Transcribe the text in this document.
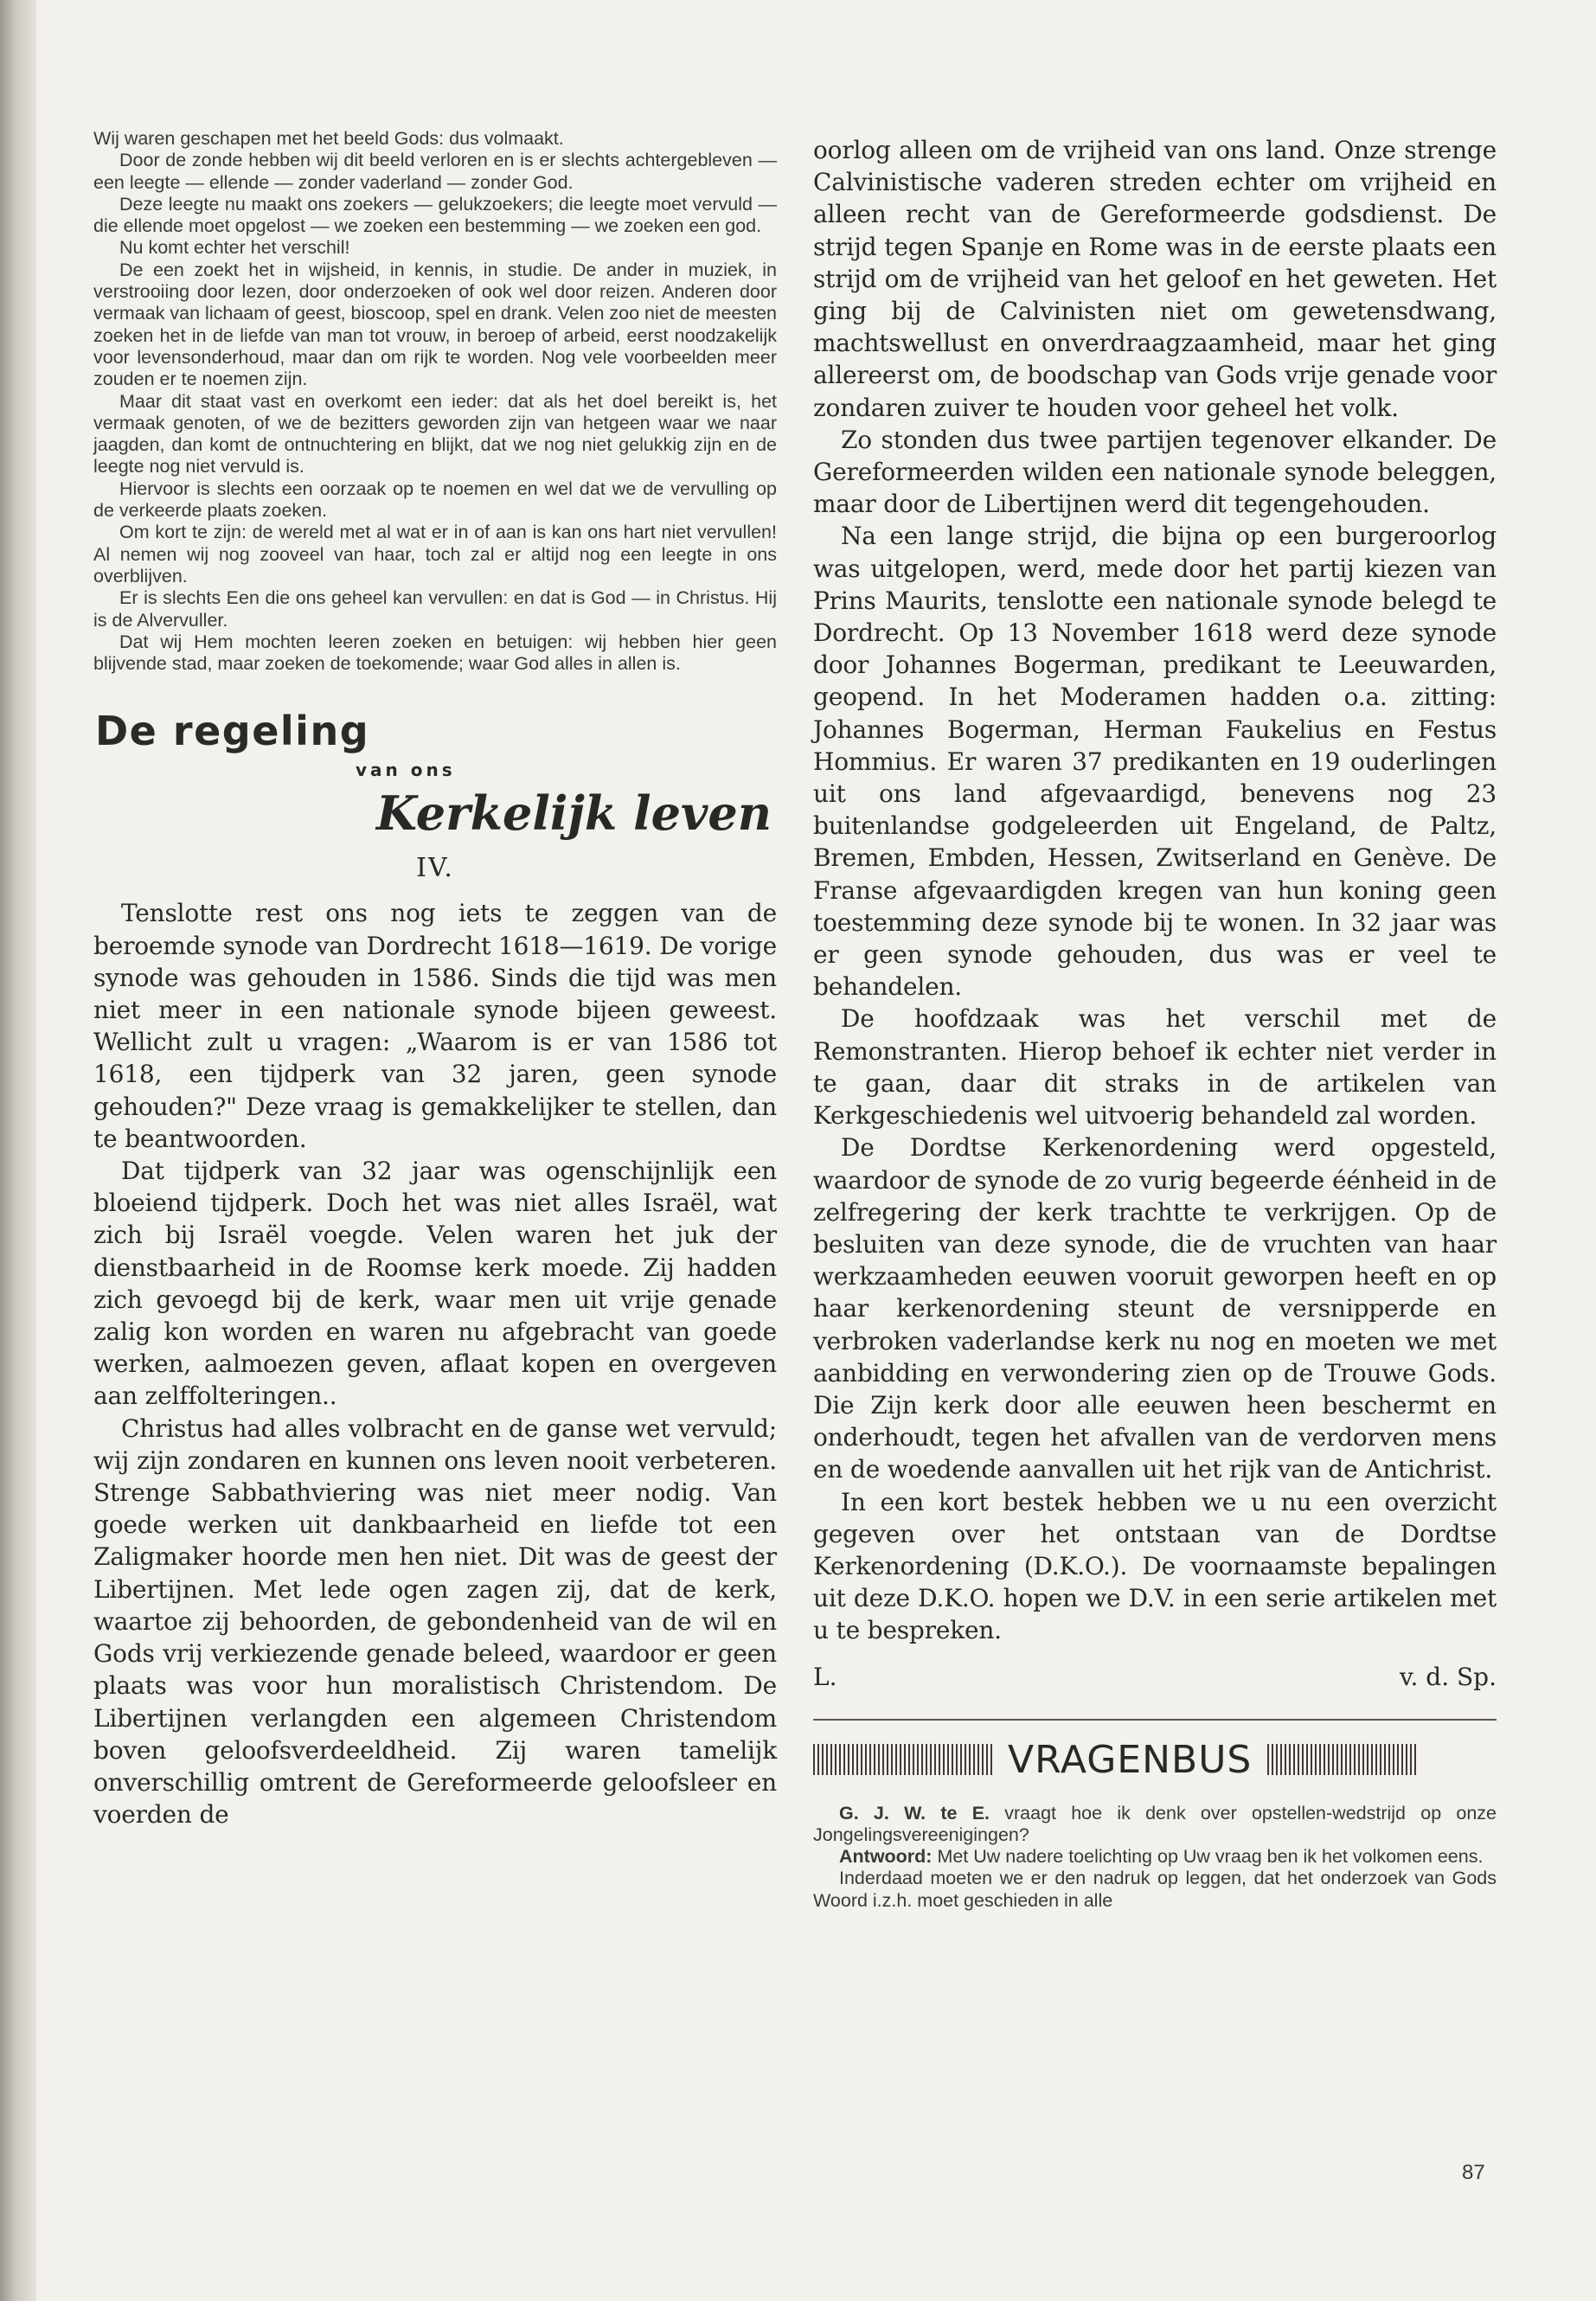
Wij waren geschapen met het beeld Gods: dus volmaakt.

Door de zonde hebben wij dit beeld verloren en is er slechts achtergebleven — een leegte — ellende — zonder vaderland — zonder God.

Deze leegte nu maakt ons zoekers — gelukzoekers; die leegte moet vervuld — die ellende moet opgelost — we zoeken een bestemming — we zoeken een god.

Nu komt echter het verschil!

De een zoekt het in wijsheid, in kennis, in studie. De ander in muziek, in verstrooiing door lezen, door onderzoeken of ook wel door reizen. Anderen door vermaak van lichaam of geest, bioscoop, spel en drank. Velen zoo niet de meesten zoeken het in de liefde van man tot vrouw, in beroep of arbeid, eerst noodzakelijk voor levensonderhoud, maar dan om rijk te worden. Nog vele voorbeelden meer zouden er te noemen zijn.

Maar dit staat vast en overkomt een ieder: dat als het doel bereikt is, het vermaak genoten, of we de bezitters geworden zijn van hetgeen waar we naar jaagden, dan komt de ontnuchtering en blijkt, dat we nog niet gelukkig zijn en de leegte nog niet vervuld is.

Hiervoor is slechts een oorzaak op te noemen en wel dat we de vervulling op de verkeerde plaats zoeken.

Om kort te zijn: de wereld met al wat er in of aan is kan ons hart niet vervullen! Al nemen wij nog zooveel van haar, toch zal er altijd nog een leegte in ons overblijven.

Er is slechts Een die ons geheel kan vervullen: en dat is God — in Christus. Hij is de Alvervuller.

Dat wij Hem mochten leeren zoeken en betuigen: wij hebben hier geen blijvende stad, maar zoeken de toekomende; waar God alles in allen is.

De regeling
van ons
Kerkelijk leven
IV.

Tenslotte rest ons nog iets te zeggen van de beroemde synode van Dordrecht 1618—1619. De vorige synode was gehouden in 1586. Sinds die tijd was men niet meer in een nationale synode bijeen geweest. Wellicht zult u vragen: „Waarom is er van 1586 tot 1618, een tijdperk van 32 jaren, geen synode gehouden?" Deze vraag is gemakkelijker te stellen, dan te beantwoorden.

Dat tijdperk van 32 jaar was ogenschijnlijk een bloeiend tijdperk. Doch het was niet alles Israël, wat zich bij Israël voegde. Velen waren het juk der dienstbaarheid in de Roomse kerk moede. Zij hadden zich gevoegd bij de kerk, waar men uit vrije genade zalig kon worden en waren nu afgebracht van goede werken, aalmoezen geven, aflaat kopen en overgeven aan zelffolteringen..

Christus had alles volbracht en de ganse wet vervuld; wij zijn zondaren en kunnen ons leven nooit verbeteren. Strenge Sabbathviering was niet meer nodig. Van goede werken uit dankbaarheid en liefde tot een Zaligmaker hoorde men hen niet. Dit was de geest der Libertijnen. Met lede ogen zagen zij, dat de kerk, waartoe zij behoorden, de gebondenheid van de wil en Gods vrij verkiezende genade beleed, waardoor er geen plaats was voor hun moralistisch Christendom. De Libertijnen verlangden een algemeen Christendom boven geloofsverdeeldheid. Zij waren tamelijk onverschillig omtrent de Gereformeerde geloofsleer en voerden de

oorlog alleen om de vrijheid van ons land. Onze strenge Calvinistische vaderen streden echter om vrijheid en alleen recht van de Gereformeerde godsdienst. De strijd tegen Spanje en Rome was in de eerste plaats een strijd om de vrijheid van het geloof en het geweten. Het ging bij de Calvinisten niet om gewetensdwang, machtswellust en onverdraagzaamheid, maar het ging allereerst om, de boodschap van Gods vrije genade voor zondaren zuiver te houden voor geheel het volk.

Zo stonden dus twee partijen tegenover elkander. De Gereformeerden wilden een nationale synode beleggen, maar door de Libertijnen werd dit tegengehouden.

Na een lange strijd, die bijna op een burgeroorlog was uitgelopen, werd, mede door het partij kiezen van Prins Maurits, tenslotte een nationale synode belegd te Dordrecht. Op 13 November 1618 werd deze synode door Johannes Bogerman, predikant te Leeuwarden, geopend. In het Moderamen hadden o.a. zitting: Johannes Bogerman, Herman Faukelius en Festus Hommius. Er waren 37 predikanten en 19 ouderlingen uit ons land afgevaardigd, benevens nog 23 buitenlandse godgeleerden uit Engeland, de Paltz, Bremen, Embden, Hessen, Zwitserland en Genève. De Franse afgevaardigden kregen van hun koning geen toestemming deze synode bij te wonen. In 32 jaar was er geen synode gehouden, dus was er veel te behandelen.

De hoofdzaak was het verschil met de Remonstranten. Hierop behoef ik echter niet verder in te gaan, daar dit straks in de artikelen van Kerkgeschiedenis wel uitvoerig behandeld zal worden.

De Dordtse Kerkenordening werd opgesteld, waardoor de synode de zo vurig begeerde éénheid in de zelfregering der kerk trachtte te verkrijgen. Op de besluiten van deze synode, die de vruchten van haar werkzaamheden eeuwen vooruit geworpen heeft en op haar kerkenordening steunt de versnipperde en verbroken vaderlandse kerk nu nog en moeten we met aanbidding en verwondering zien op de Trouwe Gods. Die Zijn kerk door alle eeuwen heen beschermt en onderhoudt, tegen het afvallen van de verdorven mens en de woedende aanvallen uit het rijk van de Antichrist.

In een kort bestek hebben we u nu een overzicht gegeven over het ontstaan van de Dordtse Kerkenordening (D.K.O.). De voornaamste bepalingen uit deze D.K.O. hopen we D.V. in een serie artikelen met u te bespreken.

L.	v. d. Sp.
VRAGENBUS

G. J. W. te E. vraagt hoe ik denk over opstellen-wedstrijd op onze Jongelingsvereenigingen?

Antwoord: Met Uw nadere toelichting op Uw vraag ben ik het volkomen eens.

Inderdaad moeten we er den nadruk op leggen, dat het onderzoek van Gods Woord i.z.h. moet geschieden in alle

87
